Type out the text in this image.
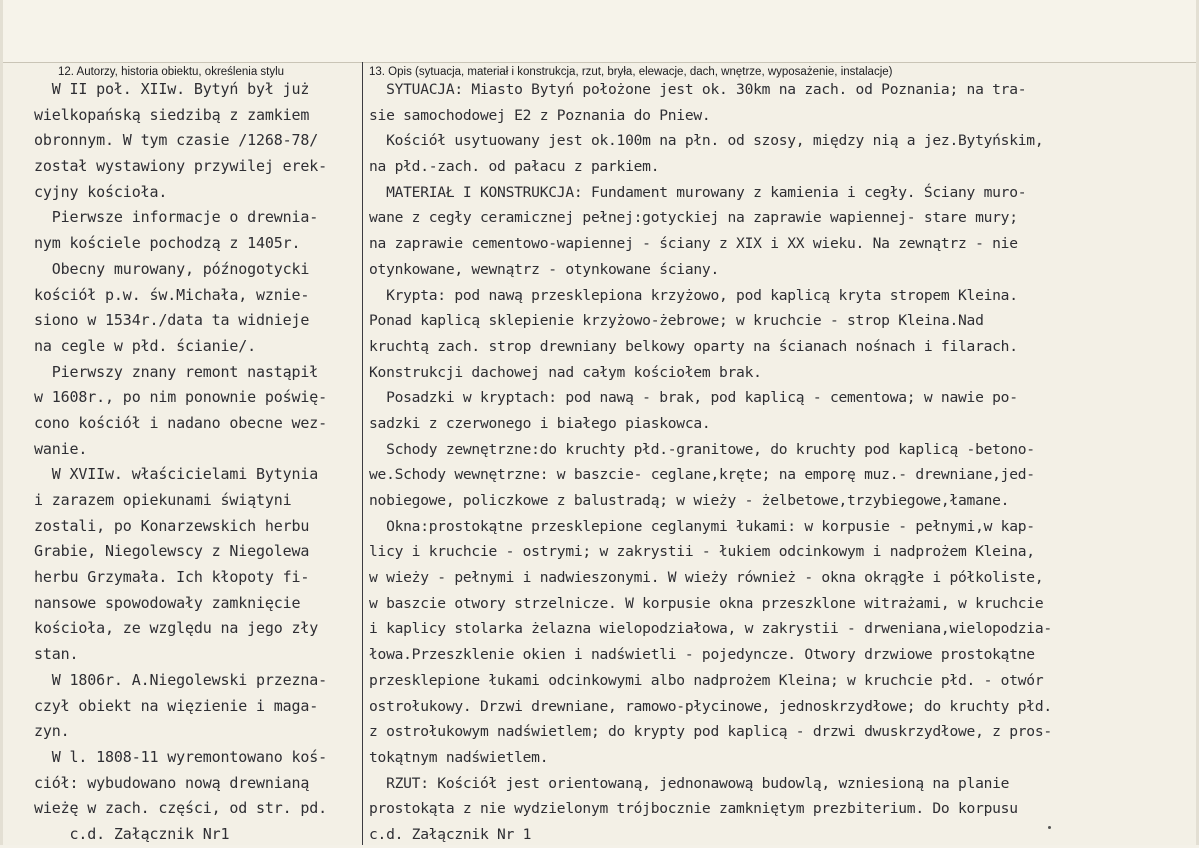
12. Autorzy, historia obiektu, określenia stylu	13. Opis (sytuacja, materiał i konstrukcja, rzut, bryła, elewacje, dach, wnętrze, wyposażenie, instalacje)
W II poł. XIIw. Bytyń był już
wielkopańską siedzibą z zamkiem
obronnym. W tym czasie /1268-78/
został wystawiony przywilej erek-
cyjny kościoła.
Pierwsze informacje o drewnia-
nym kościele pochodzą z 1405r.
Obecny murowany, późnogotycki
kościół p.w. św.Michała, wznie-
siono w 1534r./data ta widnieje
na cegle w płd. ścianie/.
Pierwszy znany remont nastąpił
w 1608r., po nim ponownie poświę-
cono kościół i nadano obecne wez-
wanie.
W XVIIw. właścicielami Bytynia
i zarazem opiekunami świątyni
zostali, po Konarzewskich herbu
Grabie, Niegolewscy z Niegolewa
herbu Grzymała. Ich kłopoty fi-
nansowe spowodowały zamknięcie
kościoła, ze względu na jego zły
stan.
W 1806r. A.Niegolewski przezna-
czył obiekt na więzienie i maga-
zyn.
W l. 1808-11 wyremontowano koś-
ciół: wybudowano nową drewnianą
wieżę w zach. części, od str. pd.
c.d. Załącznik Nr1
SYTUACJA: Miasto Bytyń położone jest ok. 30km na zach. od Poznania; na tra-
sie samochodowej E2 z Poznania do Pniew.
Kościół usytuowany jest ok.100m na płn. od szosy, między nią a jez.Bytyńskim,
na płd.-zach. od pałacu z parkiem.
MATERIAŁ I KONSTRUKCJA: Fundament murowany z kamienia i cegły. Ściany muro-
wane z cegły ceramicznej pełnej:gotyckiej na zaprawie wapiennej- stare mury;
na zaprawie cementowo-wapiennej - ściany z XIX i XX wieku. Na zewnątrz - nie
otynkowane, wewnątrz - otynkowane ściany.
Krypta: pod nawą przesklepiona krzyżowo, pod kaplicą kryta stropem Kleina.
Ponad kaplicą sklepienie krzyżowo-żebrowe; w kruchcie - strop Kleina.Nad
kruchtą zach. strop drewniany belkowy oparty na ścianach nośnach i filarach.
Konstrukcji dachowej nad całym kościołem brak.
Posadzki w kryptach: pod nawą - brak, pod kaplicą - cementowa; w nawie po-
sadzki z czerwonego i białego piaskowca.
Schody zewnętrzne:do kruchty płd.-granitowe, do kruchty pod kaplicą -betono-
we.Schody wewnętrzne: w baszcie- ceglane,kręte; na emporę muz.- drewniane,jed-
nobiegowe, policzkowe z balustradą; w wieży - żelbetowe,trzybiegowe,łamane.
Okna:prostokątne przesklepione ceglanymi łukami: w korpusie - pełnymi,w kap-
licy i kruchcie - ostrymi; w zakrystii - łukiem odcinkowym i nadprożem Kleina,
w wieży - pełnymi i nadwieszonymi. W wieży również - okna okrągłe i półkoliste,
w baszcie otwory strzelnicze. W korpusie okna przeszklone witrażami, w kruchcie
i kaplicy stolarka żelazna wielopodziałowa, w zakrystii - drweniana,wielopodzia-
łowa.Przeszklenie okien i nadświetli - pojedyncze. Otwory drzwiowe prostokątne
przesklepione łukami odcinkowymi albo nadprożem Kleina; w kruchcie płd. - otwór
ostrołukowy. Drzwi drewniane, ramowo-płycinowe, jednoskrzydłowe; do kruchty płd.
z ostrołukowym nadświetlem; do krypty pod kaplicą - drzwi dwuskrzydłowe, z pros-
tokątnym nadświetlem.
RZUT: Kościół jest orientowaną, jednonawową budowlą, wzniesioną na planie
prostokąta z nie wydzielonym trójbocznie zamkniętym prezbiterium. Do korpusu
c.d. Załącznik Nr 1
